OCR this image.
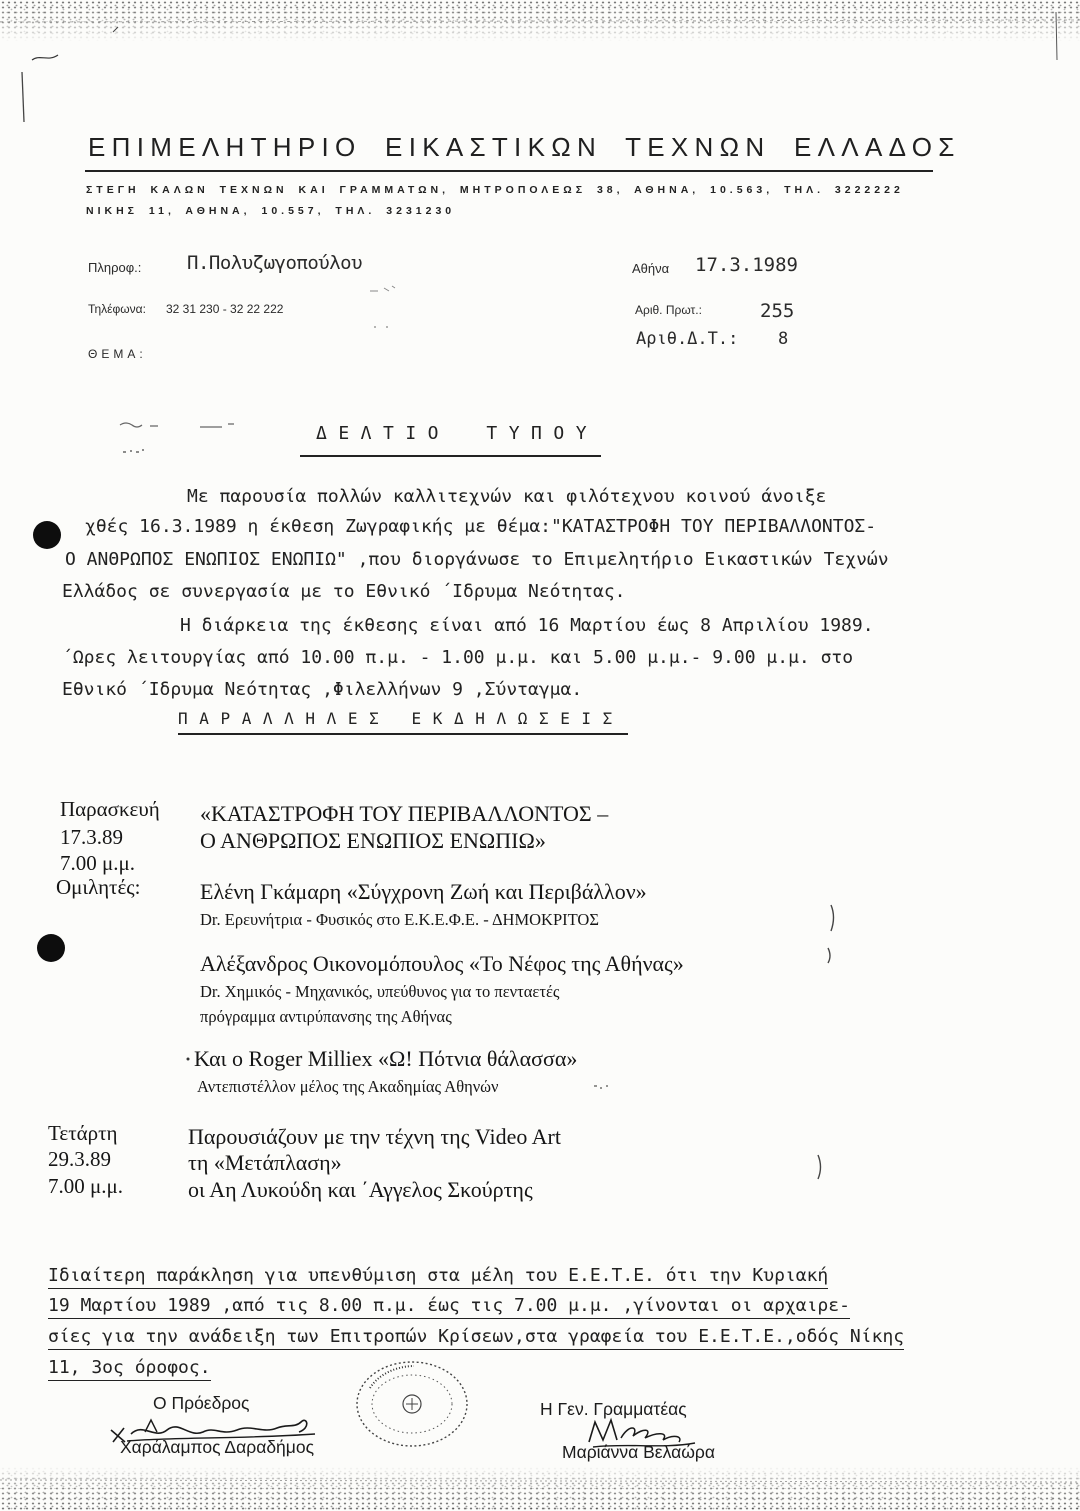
ΕΠΙΜΕΛΗΤΗΡΙΟ ΕΙΚΑΣΤΙΚΩΝ ΤΕΧΝΩΝ ΕΛΛΑΔΟΣ
ΣΤΕΓΗ ΚΑΛΩΝ ΤΕΧΝΩΝ ΚΑΙ ΓΡΑΜΜΑΤΩΝ, ΜΗΤΡΟΠΟΛΕΩΣ 38, ΑΘΗΝΑ, 10.563, ΤΗΛ. 3222222
ΝΙΚΗΣ 11, ΑΘΗΝΑ, 10.557, ΤΗΛ. 3231230
Πληροφ.: Π.Πολυζωγοπούλου
Τηλέφωνα: 32 31 230 - 32 22 222
ΘΕΜΑ:
Αθήνα 17.3.1989
Αριθ. Πρωτ.:	255
Αριθ.Δ.Τ.: 8
ΔΕΛΤΙΟ ΤΥΠΟΥ
Με παρουσία πολλών καλλιτεχνών και φιλότεχνου κοινού άνοιξε
χθές 16.3.1989 η έκθεση Ζωγραφικής με θέμα:"ΚΑΤΑΣΤΡΟΦΗ ΤΟΥ ΠΕΡΙΒΑΛΛΟΝΤΟΣ-
Ο ΑΝΘΡΩΠΟΣ ΕΝΩΠΙΟΣ ΕΝΩΠΙΩ" ,που διοργάνωσε το Επιμελητήριο Εικαστικών Τεχνών
Ελλάδος σε συνεργασία με το Εθνικό ΄Ιδρυμα Νεότητας.
Η διάρκεια της έκθεσης είναι από 16 Μαρτίου έως 8 Απριλίου 1989.
΄Ωρες λειτουργίας από 10.00 π.μ. - 1.00 μ.μ. και 5.00 μ.μ.- 9.00 μ.μ. στο
Εθνικό ΄Ιδρυμα Νεότητας ,Φιλελλήνων 9 ,Σύνταγμα.
ΠΑΡΑΛΛΗΛΕΣ ΕΚΔΗΛΩΣΕΙΣ
Παρασκευή
17.3.89
7.00 μ.μ.
Ομιλητές:
«ΚΑΤΑΣΤΡΟΦΗ ΤΟΥ ΠΕΡΙΒΑΛΛΟΝΤΟΣ –
Ο ΑΝΘΡΩΠΟΣ ΕΝΩΠΙΟΣ ΕΝΩΠΙΩ»
Ελένη Γκάμαρη «Σύγχρονη Ζωή και Περιβάλλον»
Dr. Ερευνήτρια - Φυσικός στο Ε.Κ.Ε.Φ.Ε. - ΔΗΜΟΚΡΙΤΟΣ
Αλέξανδρος Οικονομόπουλος «Το Νέφος της Αθήνας»
Dr. Χημικός - Μηχανικός, υπεύθυνος για το πενταετές
πρόγραμμα αντιρύπανσης της Αθήνας
Και ο Roger Milliex «Ω! Πότνια θάλασσα»
Αντεπιστέλλον μέλος της Ακαδημίας Αθηνών
Τετάρτη
29.3.89
7.00 μ.μ.
Παρουσιάζουν με την τέχνη της Video Art
τη «Μετάπλαση»
οι Αη Λυκούδη και ΄Αγγελος Σκούρτης
Ιδιαίτερη παράκληση για υπενθύμιση στα μέλη του Ε.Ε.Τ.Ε. ότι την Κυριακή
19 Μαρτίου 1989 ,από τις 8.00 π.μ. έως τις 7.00 μ.μ. ,γίνονται οι αρχαιρε-
σίες για την ανάδειξη των Επιτροπών Κρίσεων,στα γραφεία του Ε.Ε.Τ.Ε.,οδός Νίκης
11, 3ος όροφος.
Ο Πρόεδρος
Χαράλαμπος Δαραδήμος
Η Γεν. Γραμματέας
Μαριάννα Βελαώρα
